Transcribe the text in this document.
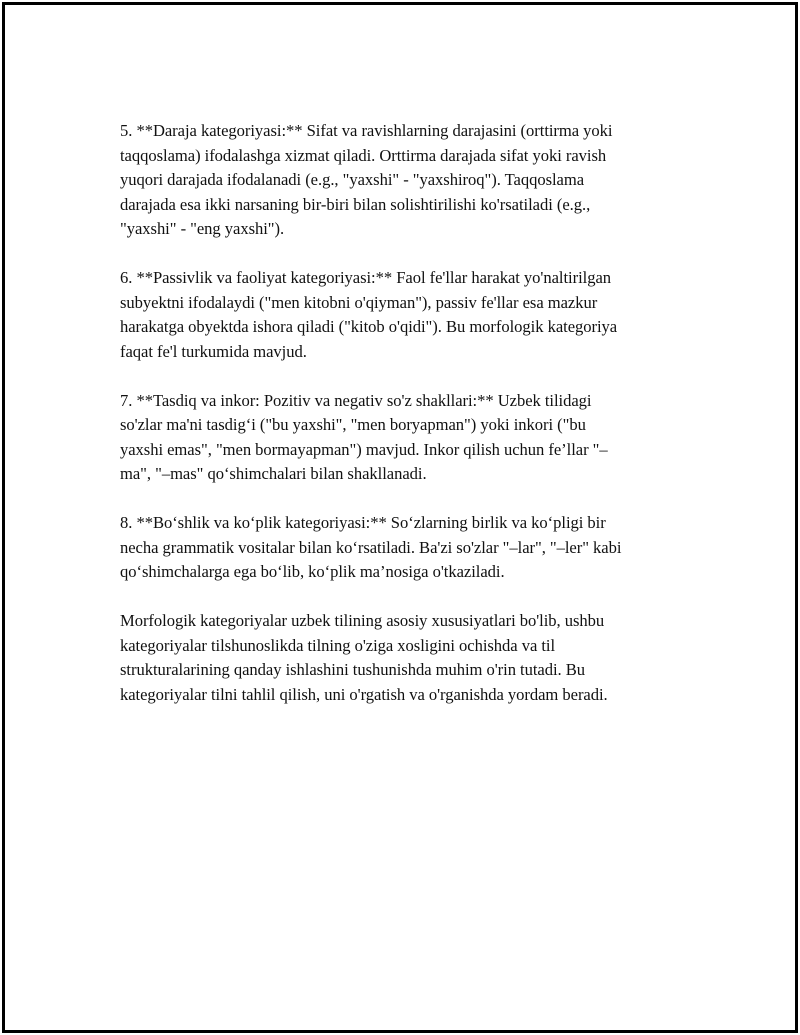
5. **Daraja kategoriyasi:** Sifat va ravishlarning darajasini (orttirma yoki
taqqoslama) ifodalashga xizmat qiladi. Orttirma darajada sifat yoki ravish
yuqori darajada ifodalanadi (e.g., "yaxshi" - "yaxshiroq"). Taqqoslama
darajada esa ikki narsaning bir-biri bilan solishtirilishi ko'rsatiladi (e.g.,
"yaxshi" - "eng yaxshi").

6. **Passivlik va faoliyat kategoriyasi:** Faol fe'llar harakat yo'naltirilgan
subyektni ifodalaydi ("men kitobni o'qiyman"), passiv fe'llar esa mazkur
harakatga obyektda ishora qiladi ("kitob o'qidi"). Bu morfologik kategoriya
faqat fe'l turkumida mavjud.

7. **Tasdiq va inkor: Pozitiv va negativ so'z shakllari:** Uzbek tilidagi
so'zlar ma'ni tasdig‘i ("bu yaxshi", "men boryapman") yoki inkori ("bu
yaxshi emas", "men bormayapman") mavjud. Inkor qilish uchun fe’llar "–
ma", "–mas" qo‘shimchalari bilan shakllanadi.

8. **Bo‘shlik va ko‘plik kategoriyasi:** So‘zlarning birlik va ko‘pligi bir
necha grammatik vositalar bilan ko‘rsatiladi. Ba'zi so'zlar "–lar", "–ler" kabi
qo‘shimchalarga ega bo‘lib, ko‘plik ma’nosiga o'tkaziladi.

Morfologik kategoriyalar uzbek tilining asosiy xususiyatlari bo'lib, ushbu
kategoriyalar tilshunoslikda tilning o'ziga xosligini ochishda va til
strukturalarining qanday ishlashini tushunishda muhim o'rin tutadi. Bu
kategoriyalar tilni tahlil qilish, uni o'rgatish va o'rganishda yordam beradi.
